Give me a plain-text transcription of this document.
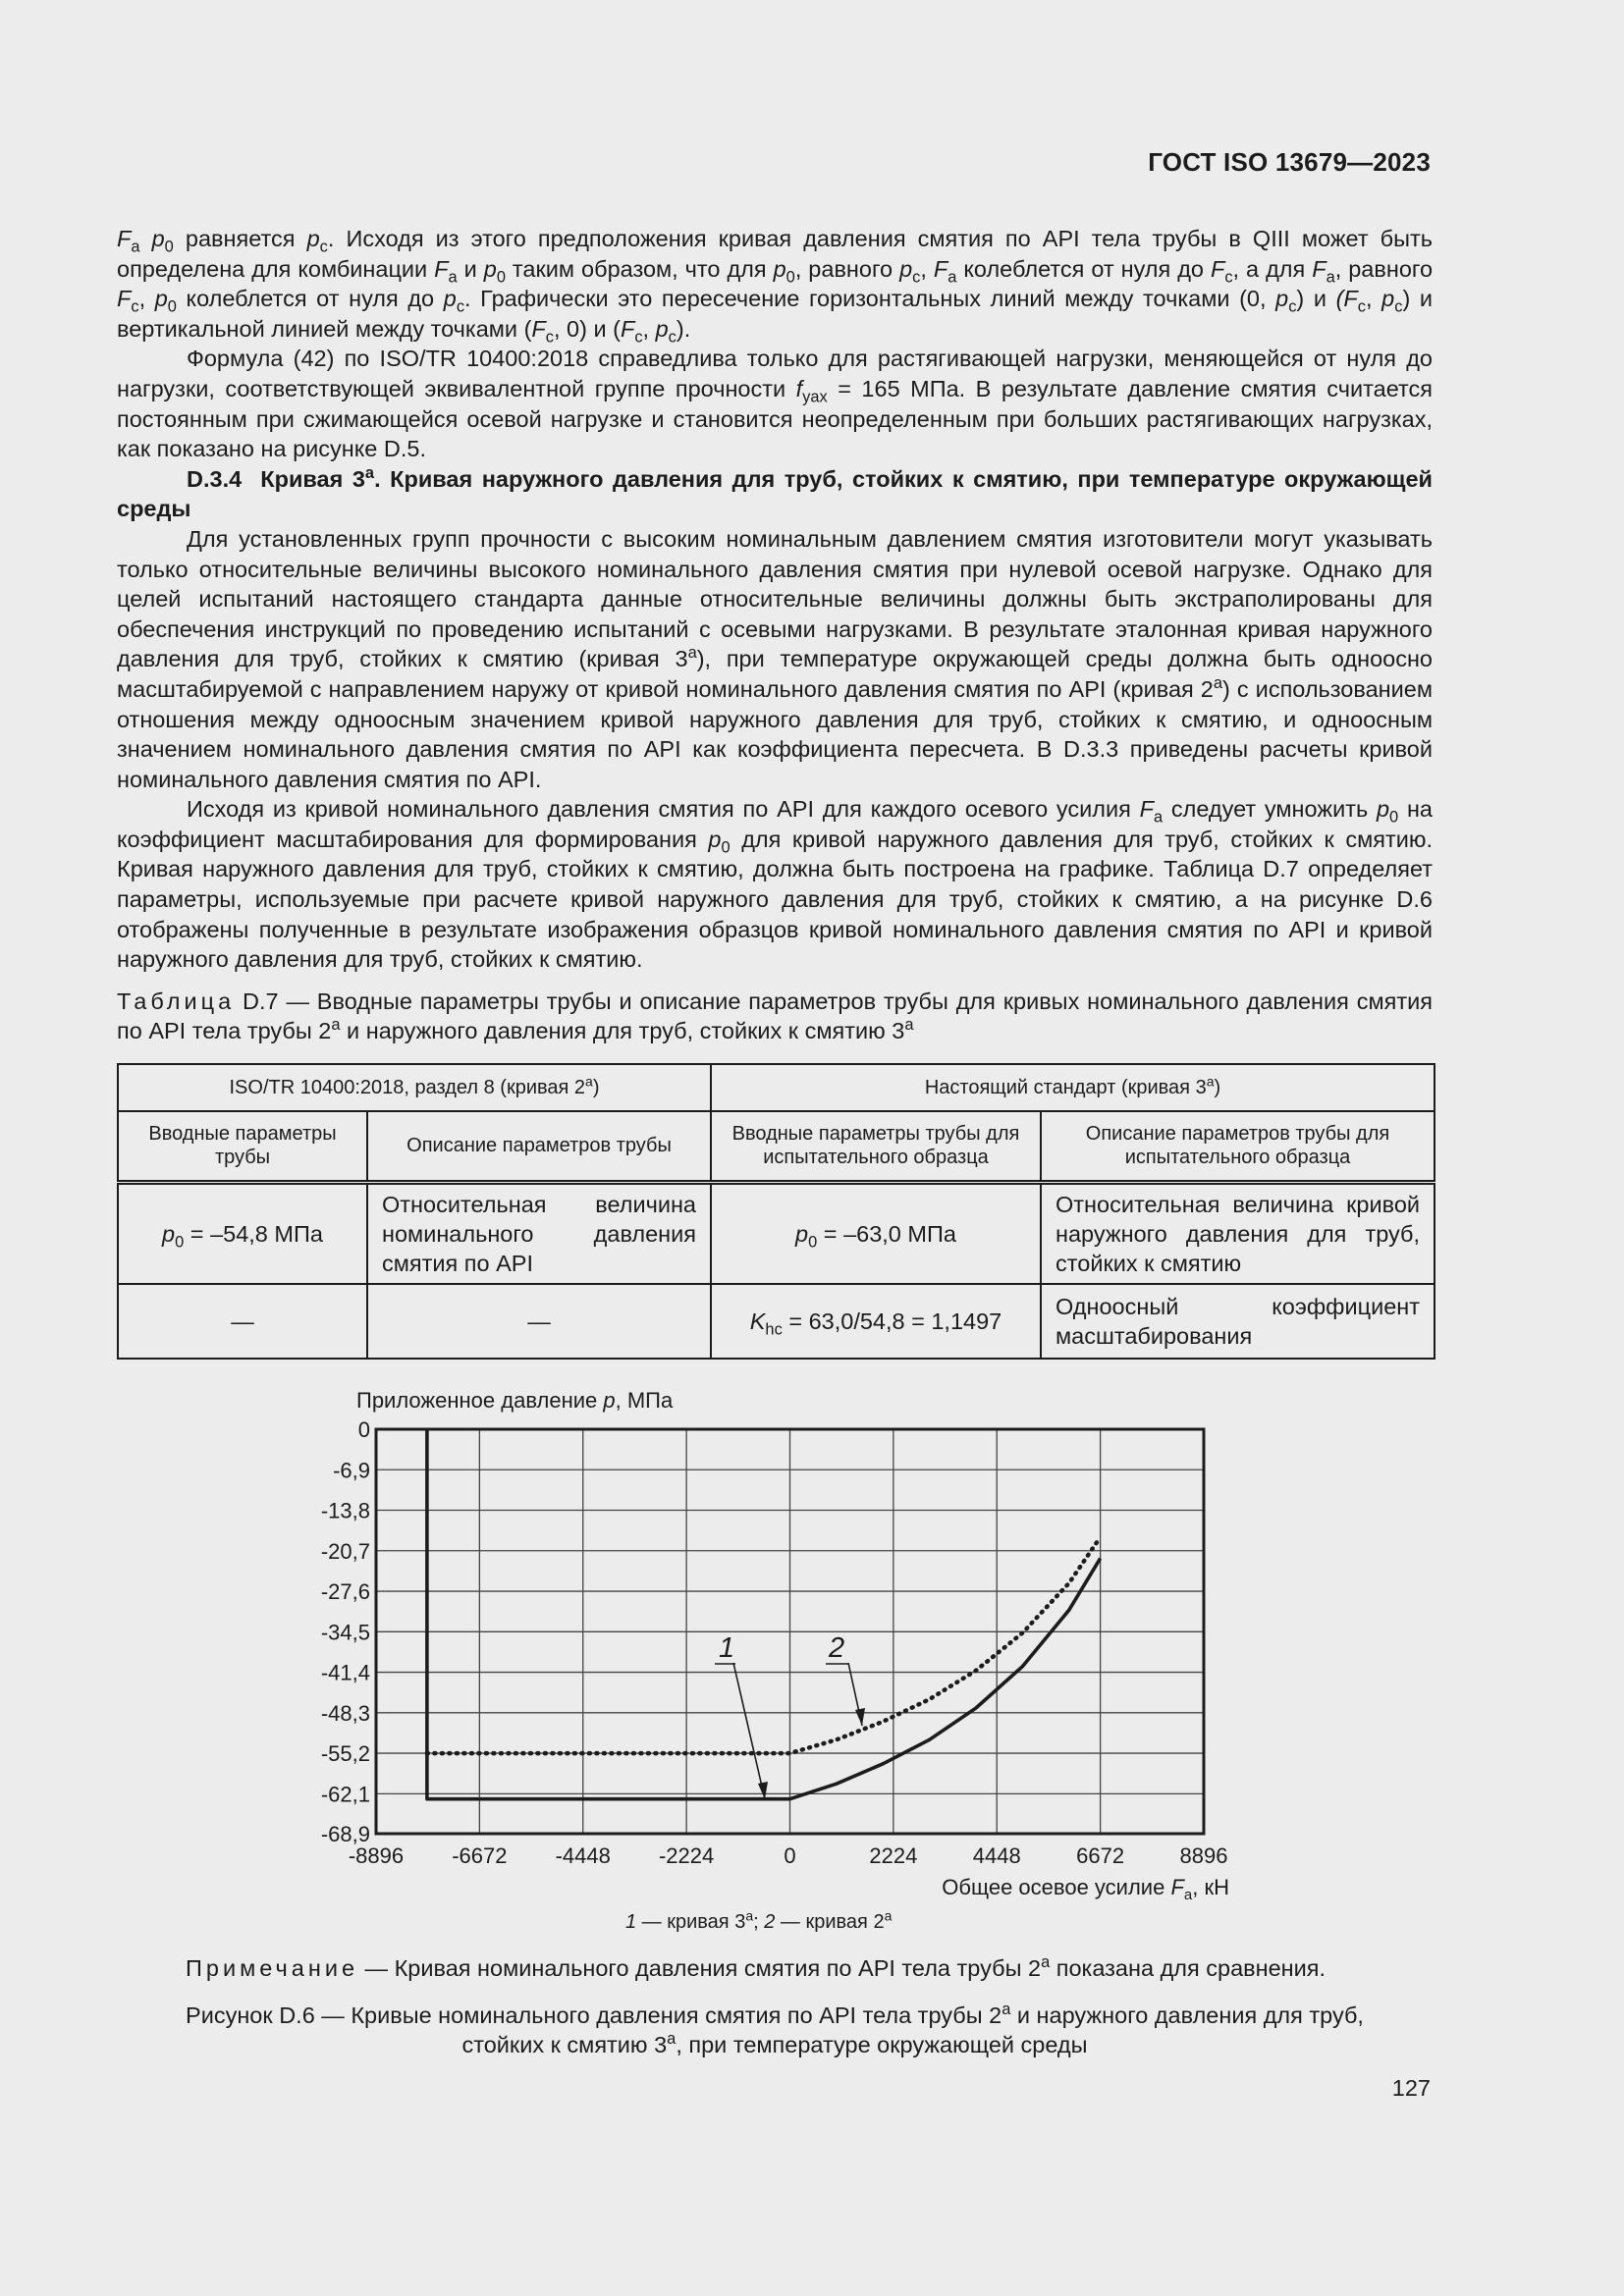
ГОСТ ISO 13679—2023

$F_a$ $p_0$ равняется $p_c$. Исходя из этого предположения кривая давления смятия по API тела трубы в QIII может быть определена для комбинации $F_a$ и $p_0$ таким образом, что для $p_0$, равного $p_c$, $F_a$ колеблется от нуля до $F_c$, а для $F_a$, равного $F_c$, $p_0$ колеблется от нуля до $p_c$. Графически это пересечение горизонтальных линий между точками (0, $p_c$) и ($F_c$, $p_c$) и вертикальной линией между точками ($F_c$, 0) и ($F_c$, $p_c$).

Формула (42) по ISO/TR 10400:2018 справедлива только для растягивающей нагрузки, меняющейся от нуля до нагрузки, соответствующей эквивалентной группе прочности $f_{yax} = 165$ МПа. В результате давление смятия считается постоянным при сжимающейся осевой нагрузке и становится неопределенным при больших растягивающих нагрузках, как показано на рисунке D.5.

D.3.4 Кривая 3$^a$. Кривая наружного давления для труб, стойких к смятию, при температуре окружающей среды

Для установленных групп прочности с высоким номинальным давлением смятия изготовители могут указывать только относительные величины высокого номинального давления смятия при нулевой осевой нагрузке. Однако для целей испытаний настоящего стандарта данные относительные величины должны быть экстраполированы для обеспечения инструкций по проведению испытаний с осевыми нагрузками. В результате эталонная кривая наружного давления для труб, стойких к смятию (кривая 3$^a$), при температуре окружающей среды должна быть одноосно масштабируемой с направлением наружу от кривой номинального давления смятия по API (кривая 2$^a$) с использованием отношения между одноосным значением кривой наружного давления для труб, стойких к смятию, и одноосным значением номинального давления смятия по API как коэффициента пересчета. В D.3.3 приведены расчеты кривой номинального давления смятия по API.

Исходя из кривой номинального давления смятия по API для каждого осевого усилия $F_a$ следует умножить $p_0$ на коэффициент масштабирования для формирования $p_0$ для кривой наружного давления для труб, стойких к смятию. Кривая наружного давления для труб, стойких к смятию, должна быть построена на графике. Таблица D.7 определяет параметры, используемые при расчете кривой наружного давления для труб, стойких к смятию, а на рисунке D.6 отображены полученные в результате изображения образцов кривой номинального давления смятия по API и кривой наружного давления для труб, стойких к смятию.

Таблица D.7 — Вводные параметры трубы и описание параметров трубы для кривых номинального давления смятия по API тела трубы 2$^a$ и наружного давления для труб, стойких к смятию 3$^a$

ISO/TR 10400:2018, раздел 8 (кривая 2$^a$)		Настоящий стандарт (кривая 3$^a$)	
Вводные параметры трубы	Описание параметров трубы	Вводные параметры трубы для испытательного образца	Описание параметров трубы для испытательного образца
$p_0 = -54,8$ МПа	Относительная величина номинального давления смятия по API	$p_0 = -63,0$ МПа	Относительная величина кривой наружного давления для труб, стойких к смятию
—	—	$K_{hc} = 63,0/54,8 = 1,1497$	Одноосный коэффициент масштабирования
Приложенное давление p, МПа
0
-6,9
-13,8
-20,7
-27,6
-34,5
-41,4
-48,3
-55,2
-62,1
-68,9
-8896 -6672 -4448 -2224	0	2224	4448	6672	8896
1	2
Общее осевое усилие $F_a$, кН
1 — кривая 3$^a$; 2 — кривая 2$^a$
Примечание — Кривая номинального давления смятия по API тела трубы 2$^a$ показана для сравнения.

Рисунок D.6 — Кривые номинального давления смятия по API тела трубы 2$^a$ и наружного давления для труб,

стойких к смятию 3$^a$, при температуре окружающей среды

127
